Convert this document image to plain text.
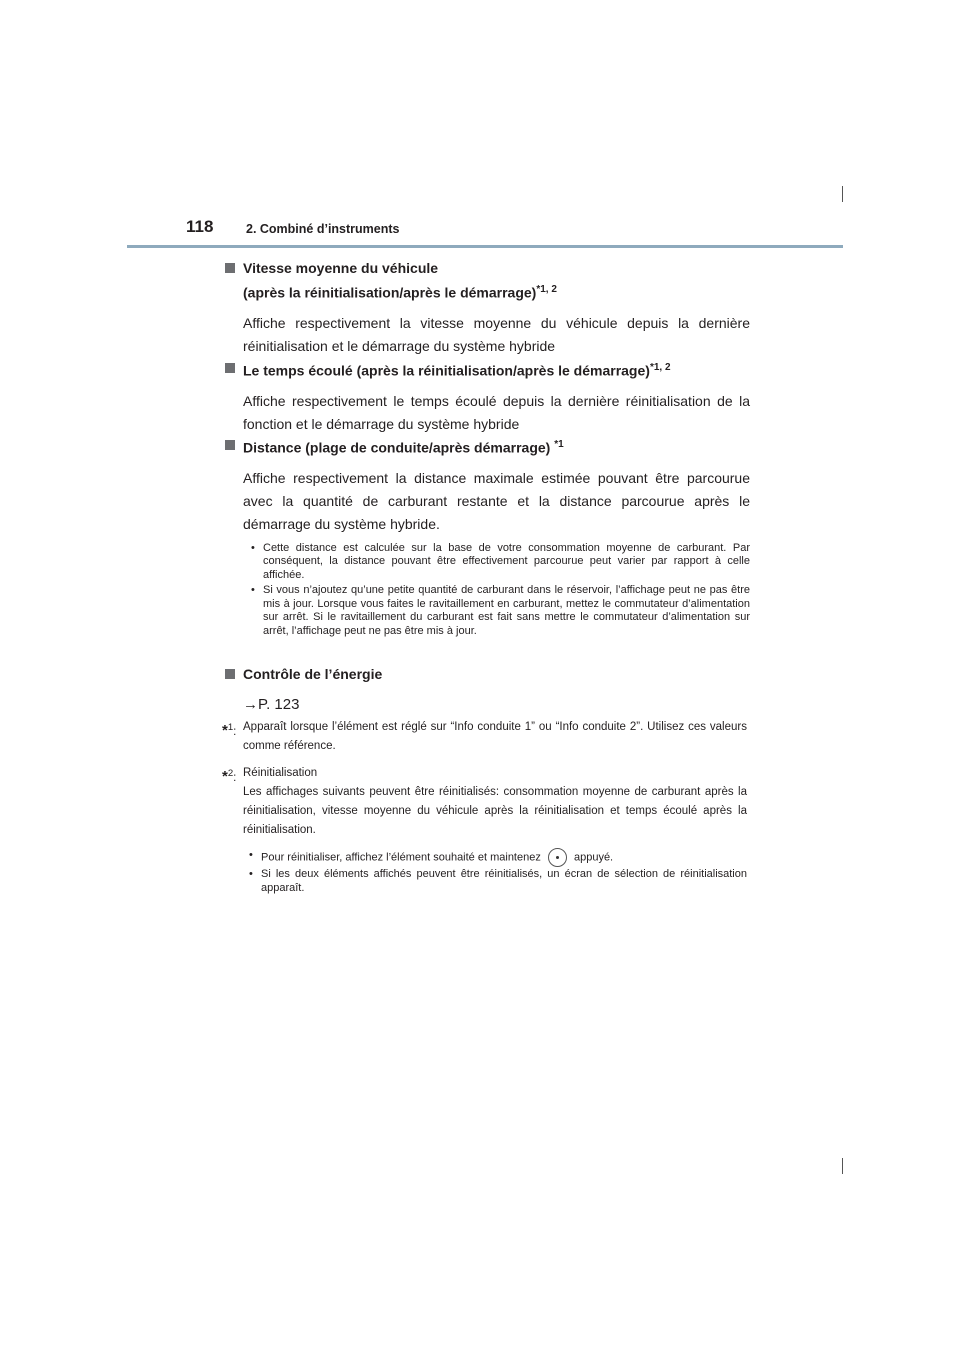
118	2. Combiné d’instruments
Vitesse moyenne du véhicule
(après la réinitialisation/après le démarrage)$^{*1, 2}$
Affiche respectivement la vitesse moyenne du véhicule depuis la dernière réinitialisation et le démarrage du système hybride
Le temps écoulé (après la réinitialisation/après le démarrage)$^{*1, 2}$
Affiche respectivement le temps écoulé depuis la dernière réinitialisation de la fonction et le démarrage du système hybride
Distance (plage de conduite/après démarrage) $^{*1}$
Affiche respectivement la distance maximale estimée pouvant être parcourue avec la quantité de carburant restante et la distance parcourue après le démarrage du système hybride.
• Cette distance est calculée sur la base de votre consommation moyenne de carburant. Par conséquent, la distance pouvant être effectivement parcourue peut varier par rapport à celle affichée.
• Si vous n’ajoutez qu’une petite quantité de carburant dans le réservoir, l’affichage peut ne pas être mis à jour. Lorsque vous faites le ravitaillement en carburant, mettez le commutateur d’alimentation sur arrêt. Si le ravitaillement du carburant est fait sans mettre le commutateur d’alimentation sur arrêt, l’affichage peut ne pas être mis à jour.
Contrôle de l’énergie
→P. 123
*$^1$: Apparaît lorsque l’élément est réglé sur “Info conduite 1” ou “Info conduite 2”. Utilisez ces valeurs comme référence.
*$^2$: Réinitialisation
Les affichages suivants peuvent être réinitialisés: consommation moyenne de carburant après la réinitialisation, vitesse moyenne du véhicule après la réinitialisation et temps écoulé après la réinitialisation.
• Pour réinitialiser, affichez l’élément souhaité et maintenez	appuyé.
• Si les deux éléments affichés peuvent être réinitialisés, un écran de sélection de réinitialisation apparaît.
